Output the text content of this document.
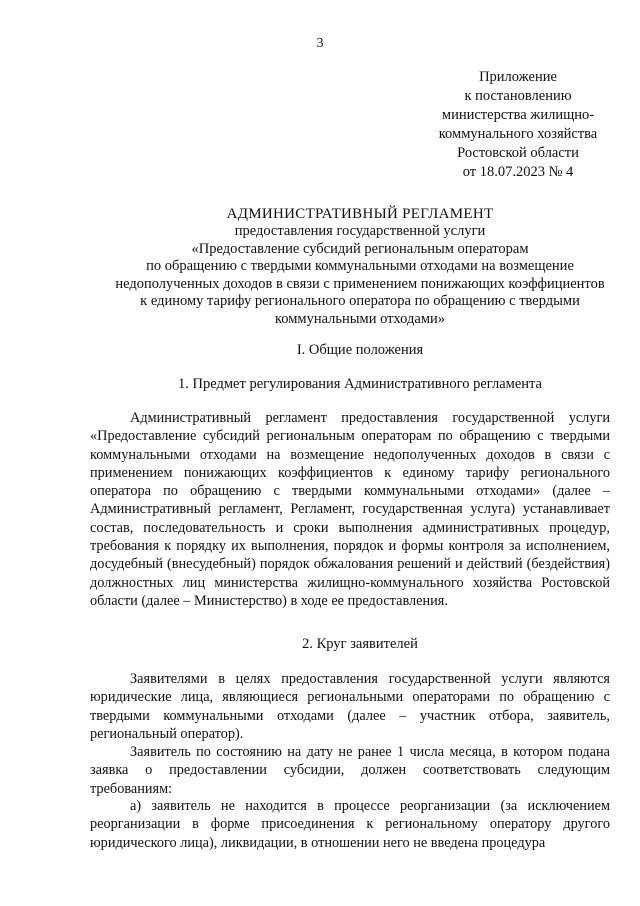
3
Приложение
к постановлению
министерства жилищно-
коммунального хозяйства
Ростовской области
от 18.07.2023 № 4
АДМИНИСТРАТИВНЫЙ РЕГЛАМЕНТ
предоставления государственной услуги
«Предоставление субсидий региональным операторам
по обращению с твердыми коммунальными отходами на возмещение
недополученных доходов в связи с применением понижающих коэффициентов
к единому тарифу регионального оператора по обращению с твердыми
коммунальными отходами»
I. Общие положения
1. Предмет регулирования Административного регламента

Административный регламент предоставления государственной услуги «Предоставление субсидий региональным операторам по обращению с твердыми коммунальными отходами на возмещение недополученных доходов в связи с применением понижающих коэффициентов к единому тарифу регионального оператора по обращению с твердыми коммунальными отходами» (далее – Административный регламент, Регламент, государственная услуга) устанавливает состав, последовательность и сроки выполнения административных процедур, требования к порядку их выполнения, порядок и формы контроля за исполнением, досудебный (внесудебный) порядок обжалования решений и действий (бездействия) должностных лиц министерства жилищно-коммунального хозяйства Ростовской области (далее – Министерство) в ходе ее предоставления.

2. Круг заявителей

Заявителями в целях предоставления государственной услуги являются юридические лица, являющиеся региональными операторами по обращению с твердыми коммунальными отходами (далее – участник отбора, заявитель, региональный оператор).

Заявитель по состоянию на дату не ранее 1 числа месяца, в котором подана заявка о предоставлении субсидии, должен соответствовать следующим требованиям:

а) заявитель не находится в процессе реорганизации (за исключением реорганизации в форме присоединения к региональному оператору другого юридического лица), ликвидации, в отношении него не введена процедура
